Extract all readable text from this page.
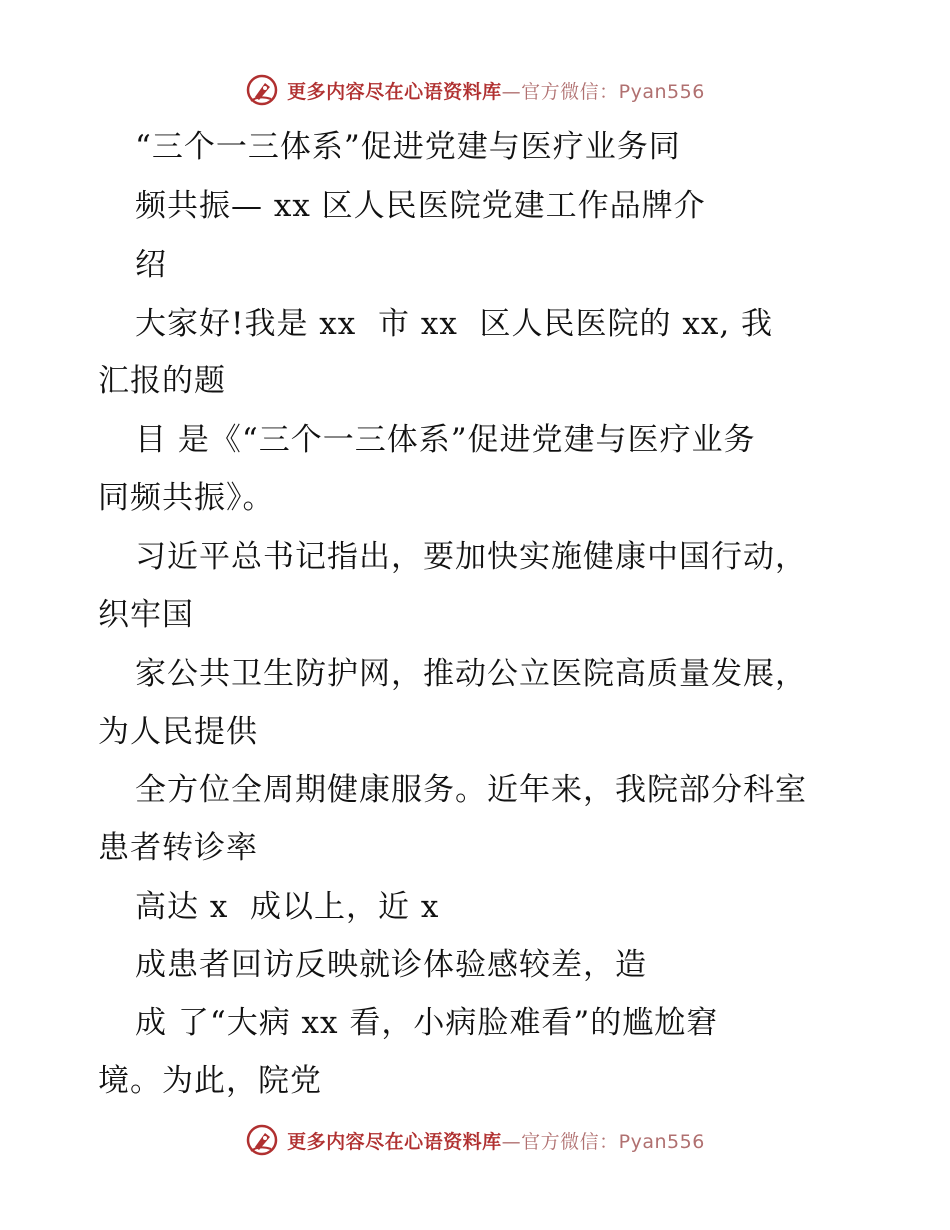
更多内容尽在心语资料库—官方微信：Pyan556
“三个一三体系”促进党建与医疗业务同
频共振— xx 区人民医院党建工作品牌介
绍
大家好!我是 xx  市 xx  区人民医院的 xx, 我
汇报的题
目 是《“三个一三体系”促进党建与医疗业务
同频共振》。
习近平总书记指出，要加快实施健康中国行动，
织牢国
家公共卫生防护网，推动公立医院高质量发展，
为人民提供
全方位全周期健康服务。近年来，我院部分科室
患者转诊率
高达 x  成以上，近 x
成患者回访反映就诊体验感较差，造
成 了“大病 xx 看，小病脸难看”的尴尬窘
境。为此，院党
更多内容尽在心语资料库—官方微信：Pyan556
